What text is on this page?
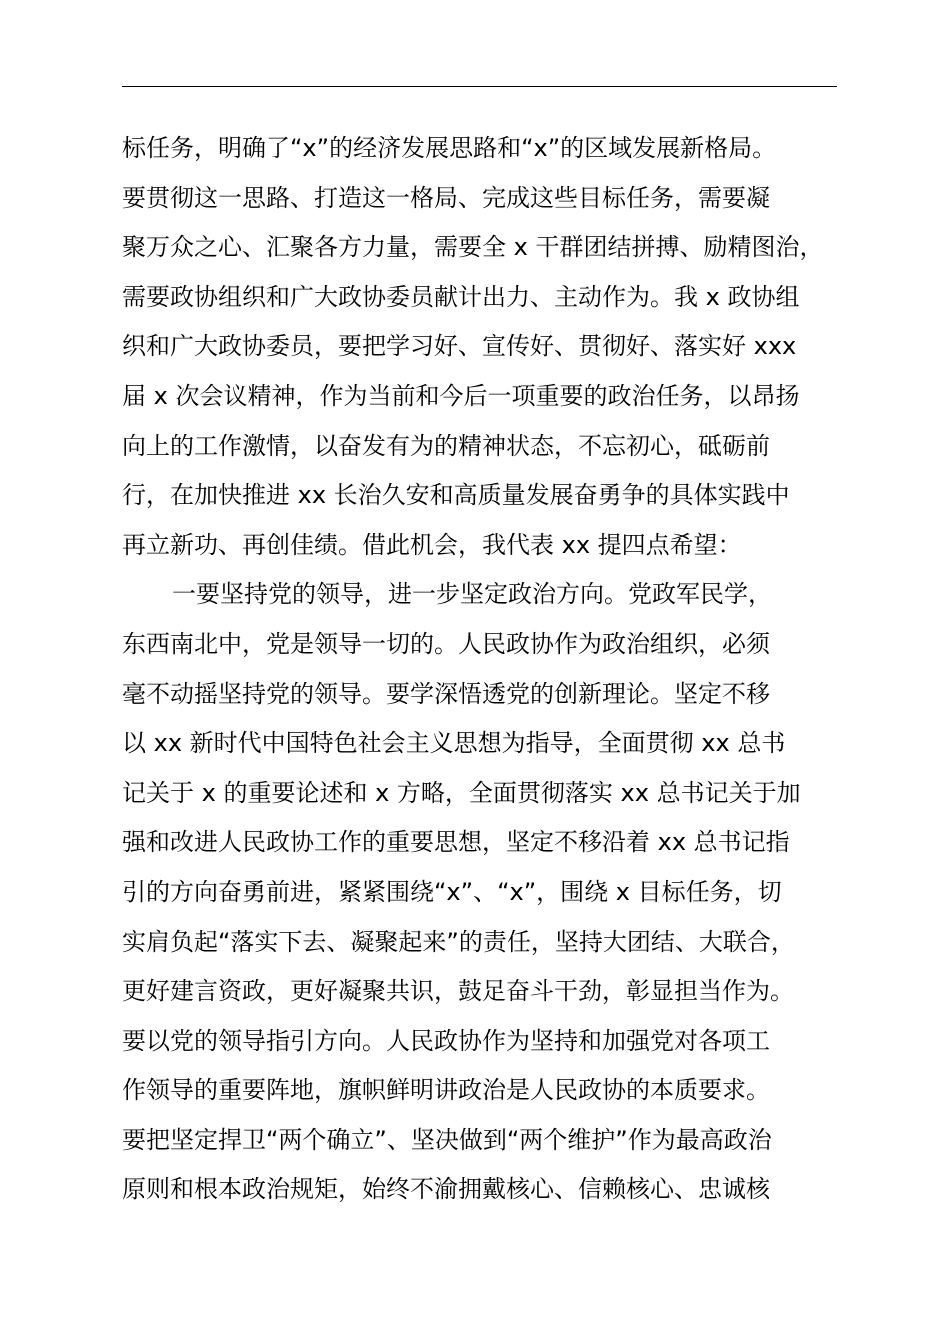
标任务，明确了“x”的经济发展思路和“x”的区域发展新格局。
要贯彻这一思路、打造这一格局、完成这些目标任务，需要凝
聚万众之心、汇聚各方力量，需要全 x 干群团结拼搏、励精图治，
需要政协组织和广大政协委员献计出力、主动作为。我 x 政协组
织和广大政协委员，要把学习好、宣传好、贯彻好、落实好 xxx
届 x 次会议精神，作为当前和今后一项重要的政治任务，以昂扬
向上的工作激情，以奋发有为的精神状态，不忘初心，砥砺前
行，在加快推进 xx 长治久安和高质量发展奋勇争的具体实践中
再立新功、再创佳绩。借此机会，我代表 xx 提四点希望：
一要坚持党的领导，进一步坚定政治方向。党政军民学，
东西南北中，党是领导一切的。人民政协作为政治组织，必须
毫不动摇坚持党的领导。要学深悟透党的创新理论。坚定不移
以 xx 新时代中国特色社会主义思想为指导，全面贯彻 xx 总书
记关于 x 的重要论述和 x 方略，全面贯彻落实 xx 总书记关于加
强和改进人民政协工作的重要思想，坚定不移沿着 xx 总书记指
引的方向奋勇前进，紧紧围绕“x”、“x”，围绕 x 目标任务，切
实肩负起“落实下去、凝聚起来”的责任，坚持大团结、大联合，
更好建言资政，更好凝聚共识，鼓足奋斗干劲，彰显担当作为。
要以党的领导指引方向。人民政协作为坚持和加强党对各项工
作领导的重要阵地，旗帜鲜明讲政治是人民政协的本质要求。
要把坚定捍卫“两个确立”、坚决做到“两个维护”作为最高政治
原则和根本政治规矩，始终不渝拥戴核心、信赖核心、忠诚核
